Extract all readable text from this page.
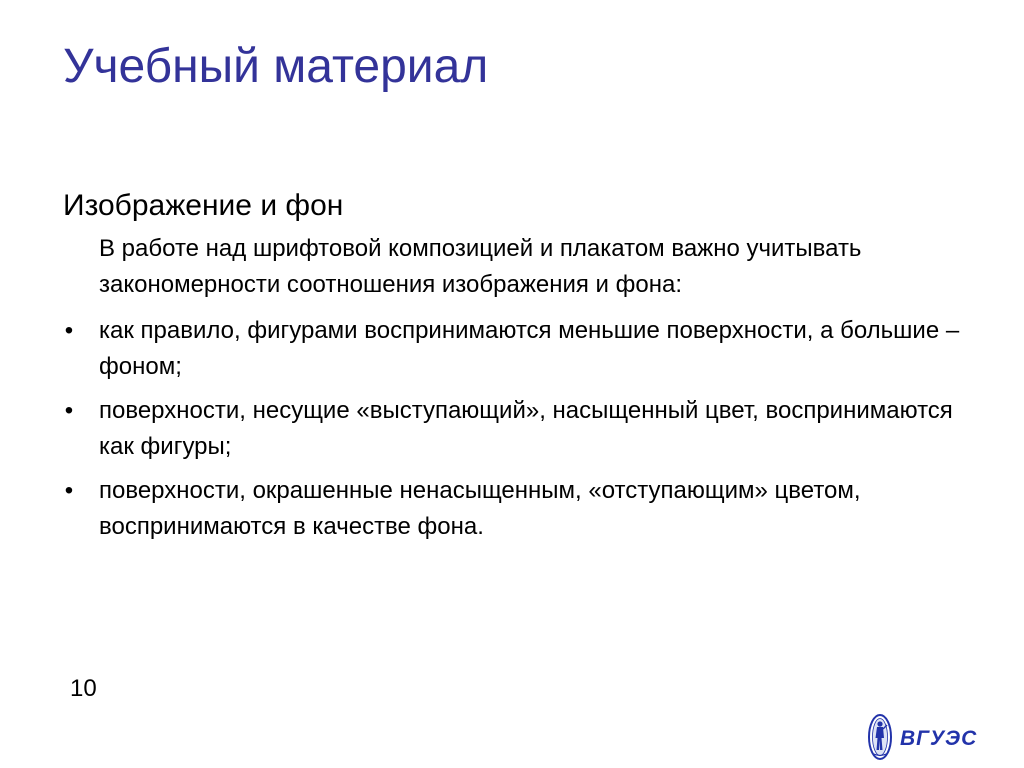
Учебный материал
Изображение и фон

В работе над шрифтовой композицией и плакатом важно учитывать закономерности соотношения изображения и фона:

• как правило, фигурами воспринимаются меньшие поверхности, а большие – фоном;
• поверхности, несущие «выступающий», насыщенный цвет, воспринимаются как фигуры;
• поверхности, окрашенные ненасыщенным, «отступающим» цветом, воспринимаются в качестве фона.
10
ВГУЭС
